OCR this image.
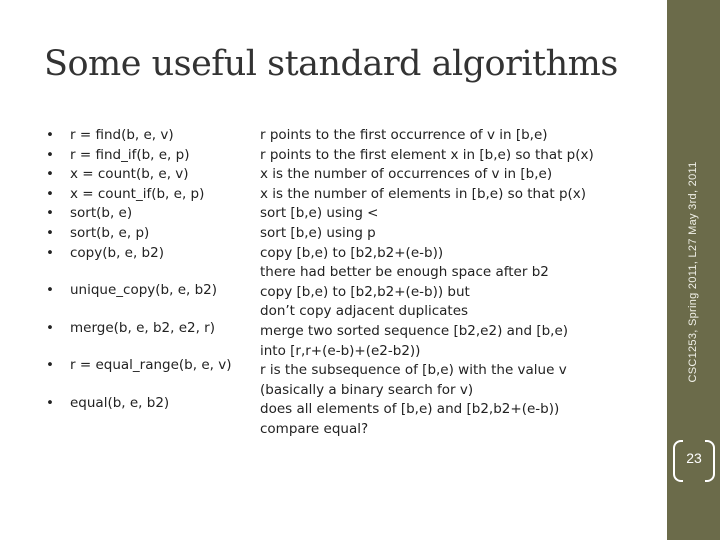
Some useful standard algorithms
• r = find(b, e, v)
• r = find_if(b, e, p)
• x = count(b, e, v)
• x = count_if(b, e, p)
• sort(b, e)
• sort(b, e, p)
• copy(b, e, b2)
• unique_copy(b, e, b2)
• merge(b, e, b2, e2, r)
• r = equal_range(b, e, v)
• equal(b, e, b2)
r points to the first occurrence of v in [b,e)
r points to the first element x in [b,e) so that p(x)
x is the number of occurrences of v in [b,e)
x is the number of elements in [b,e) so that p(x)
sort [b,e) using <
sort [b,e) using p
copy [b,e) to [b2,b2+(e-b))
there had better be enough space after b2
copy [b,e) to [b2,b2+(e-b)) but
don’t copy adjacent duplicates
merge two sorted sequence [b2,e2) and [b,e)
into [r,r+(e-b)+(e2-b2))
r is the subsequence of [b,e) with the value v
(basically a binary search for v)
does all elements of [b,e) and [b2,b2+(e-b))
compare equal?
CSC1253, Spring 2011, L27 May 3rd, 2011
23
